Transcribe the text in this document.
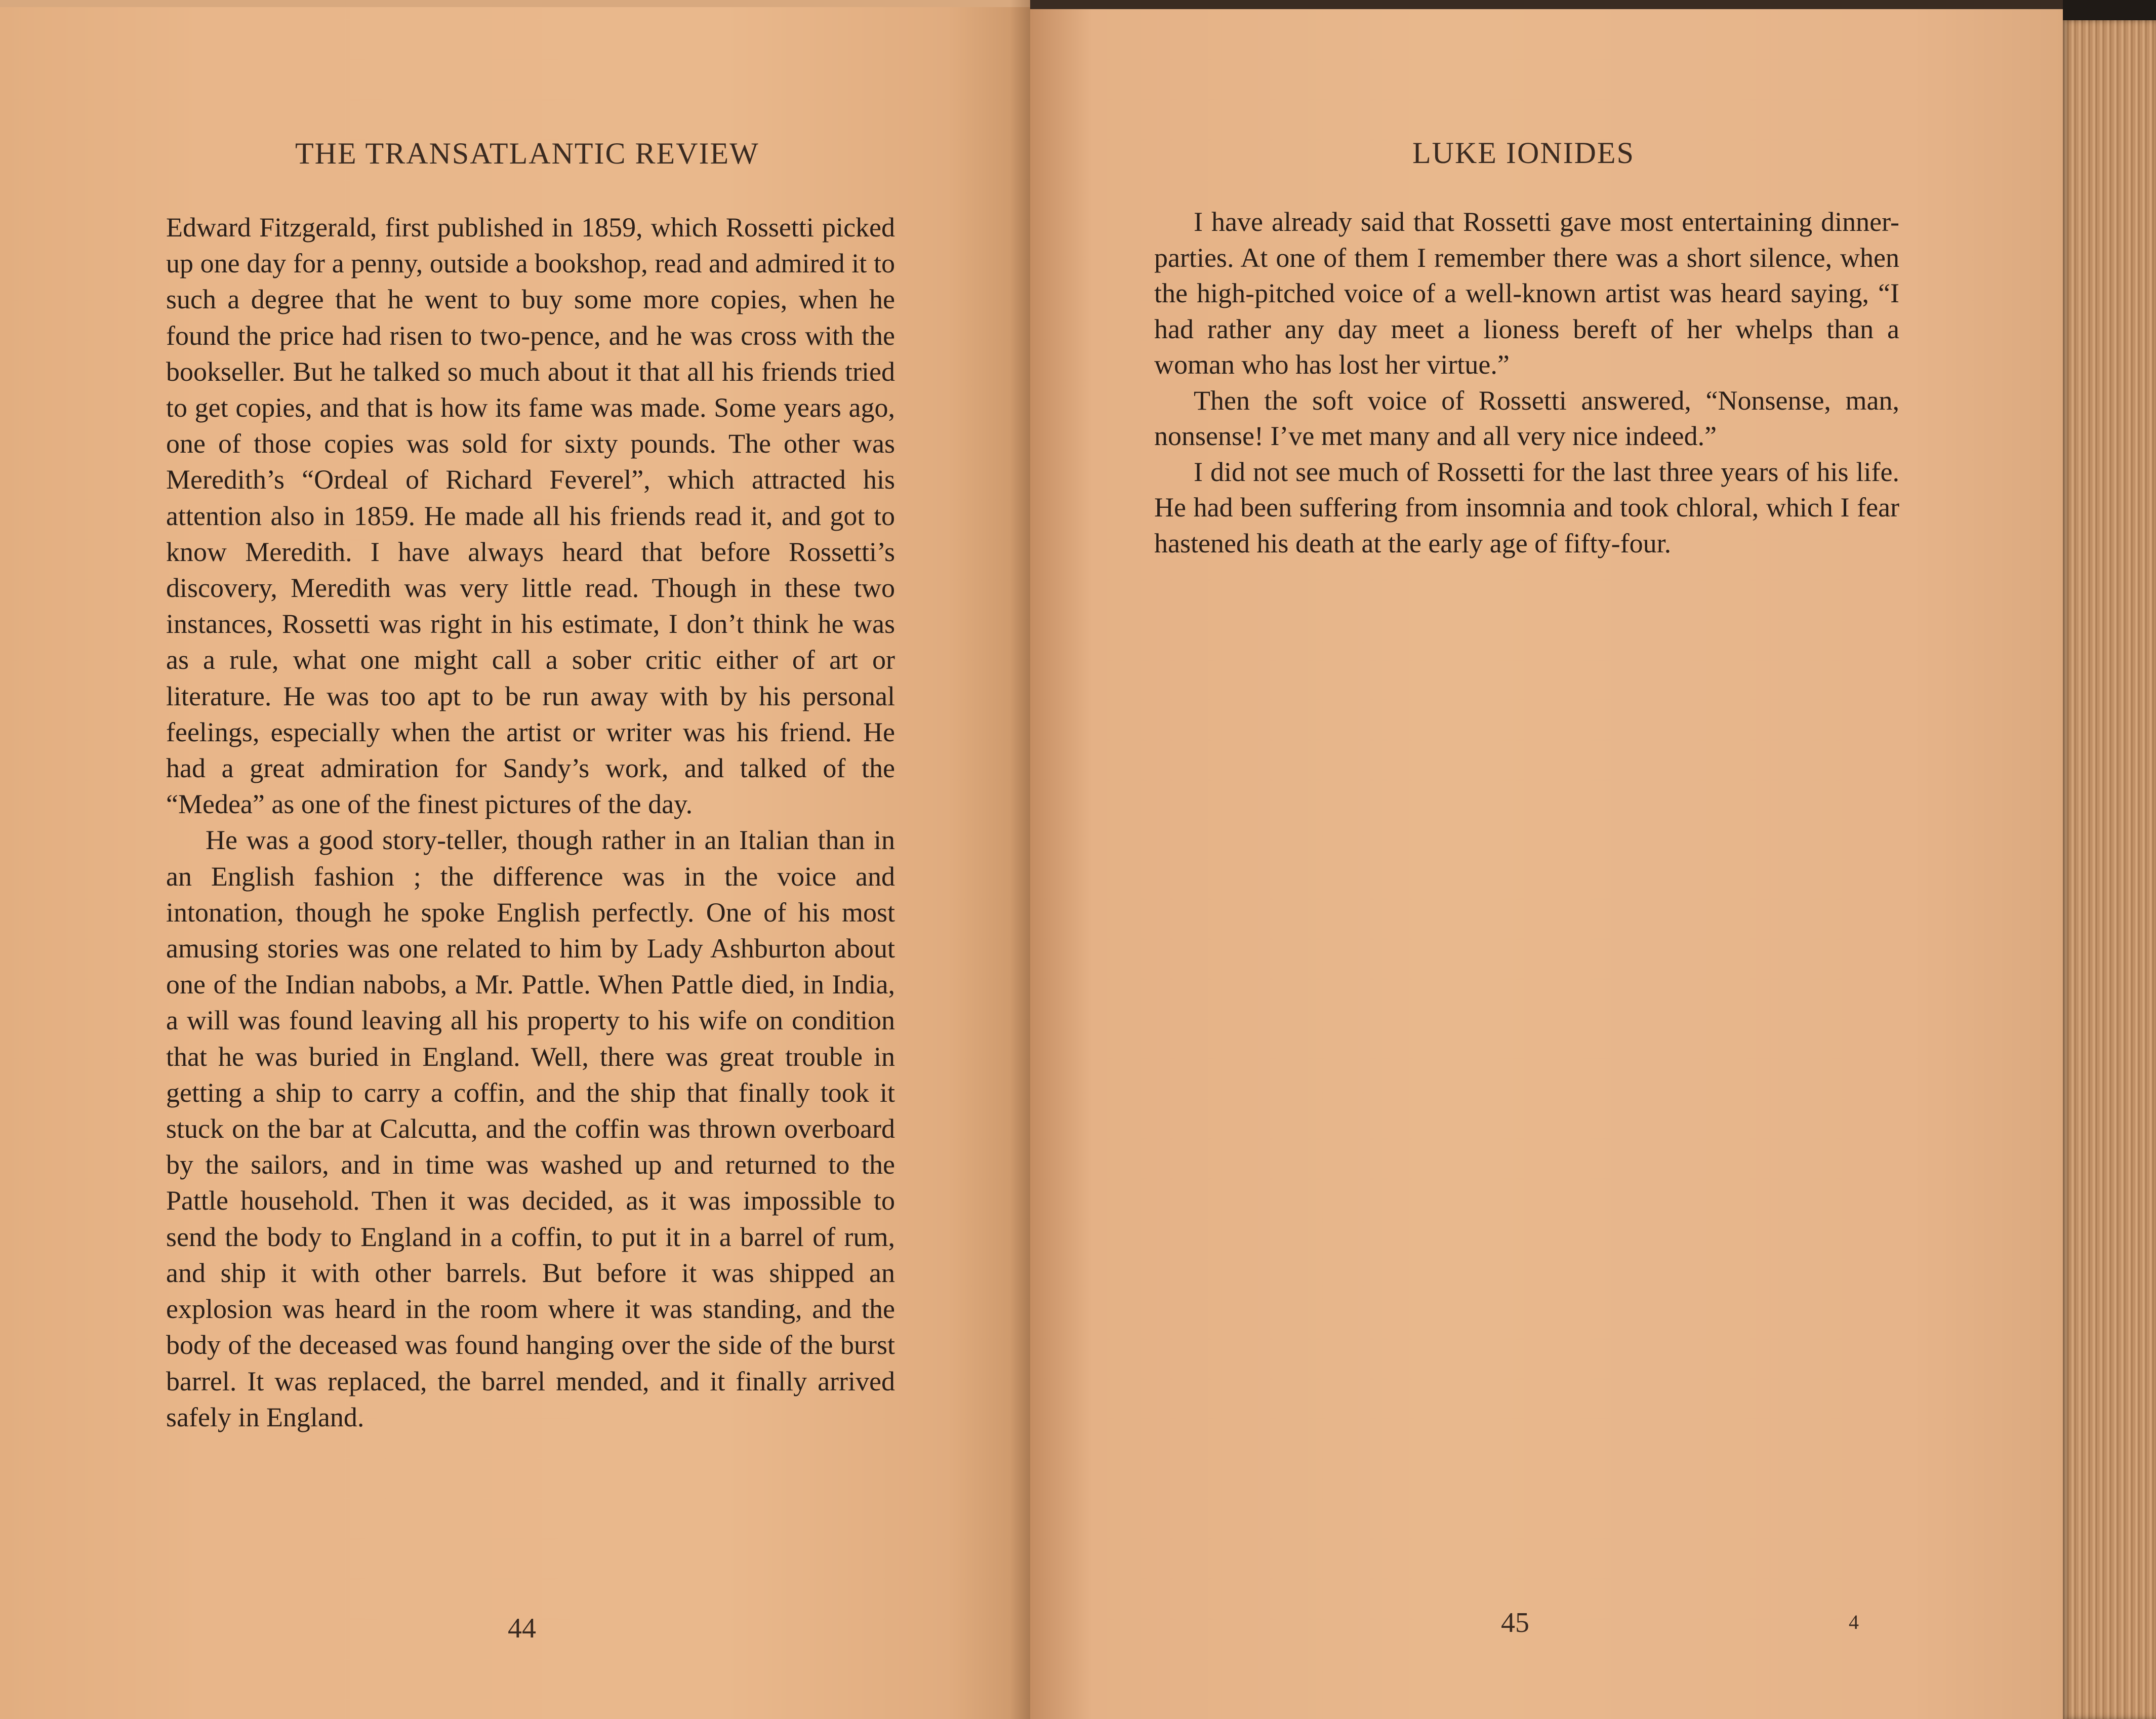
THE TRANSATLANTIC REVIEW

Edward Fitzgerald, first published in 1859, which Rossetti picked up one day for a penny, outside a bookshop, read and admired it to such a degree that he went to buy some more copies, when he found the price had risen to two-pence, and he was cross with the bookseller. But he talked so much about it that all his friends tried to get copies, and that is how its fame was made. Some years ago, one of those copies was sold for sixty pounds. The other was Meredith’s “Ordeal of Richard Feverel”, which attracted his attention also in 1859. He made all his friends read it, and got to know Meredith. I have always heard that before Rossetti’s discovery, Meredith was very little read. Though in these two instances, Rossetti was right in his estimate, I don’t think he was as a rule, what one might call a sober critic either of art or literature. He was too apt to be run away with by his personal feelings, especially when the artist or writer was his friend. He had a great admiration for Sandy’s work, and talked of the “Medea” as one of the finest pictures of the day.

He was a good story-teller, though rather in an Italian than in an English fashion ; the difference was in the voice and intonation, though he spoke English perfectly. One of his most amusing stories was one related to him by Lady Ashburton about one of the Indian nabobs, a Mr. Pattle. When Pattle died, in India, a will was found leaving all his property to his wife on condition that he was buried in England. Well, there was great trouble in getting a ship to carry a coffin, and the ship that finally took it stuck on the bar at Calcutta, and the coffin was thrown overboard by the sailors, and in time was washed up and returned to the Pattle household. Then it was decided, as it was impossible to send the body to England in a coffin, to put it in a barrel of rum, and ship it with other barrels. But before it was shipped an explosion was heard in the room where it was standing, and the body of the deceased was found hanging over the side of the burst barrel. It was replaced, the barrel mended, and it finally arrived safely in England.

44

LUKE IONIDES

I have already said that Rossetti gave most entertaining dinner-parties. At one of them I remember there was a short silence, when the high-pitched voice of a well-known artist was heard saying, “I had rather any day meet a lioness bereft of her whelps than a woman who has lost her virtue.”

Then the soft voice of Rossetti answered, “Nonsense, man, nonsense! I’ve met many and all very nice indeed.”

I did not see much of Rossetti for the last three years of his life. He had been suffering from insomnia and took chloral, which I fear hastened his death at the early age of fifty-four.

45	4
